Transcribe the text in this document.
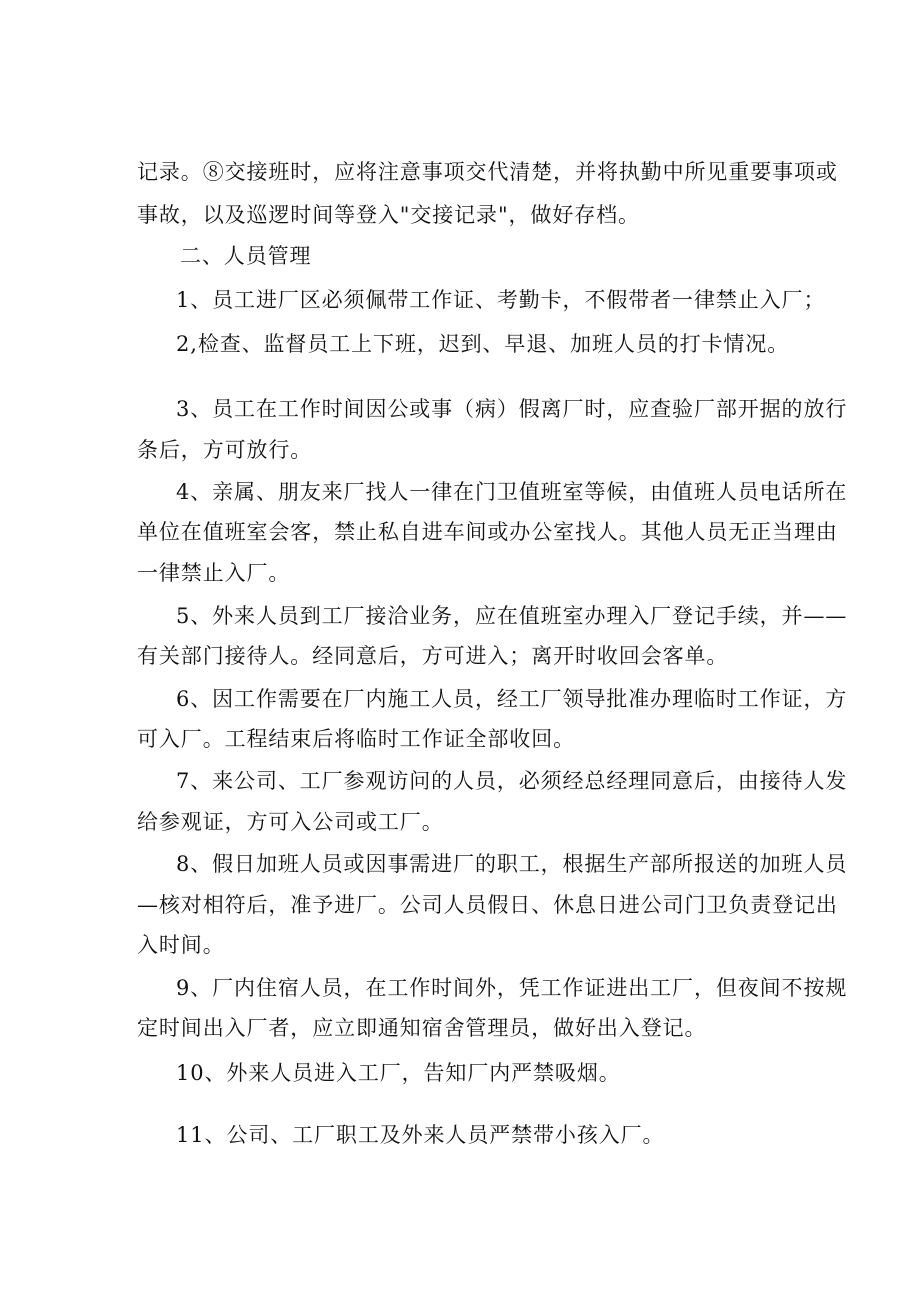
记录。⑧交接班时，应将注意事项交代清楚，并将执勤中所见重要事项或
事故，以及巡逻时间等登入"交接记录"，做好存档。
二、人员管理
1、员工进厂区必须佩带工作证、考勤卡，不假带者一律禁止入厂；
2,检查、监督员工上下班，迟到、早退、加班人员的打卡情况。
3、员工在工作时间因公或事（病）假离厂时，应查验厂部开据的放行
条后，方可放行。
4、亲属、朋友来厂找人一律在门卫值班室等候，由值班人员电话所在
单位在值班室会客，禁止私自进车间或办公室找人。其他人员无正当理由
一律禁止入厂。
5、外来人员到工厂接洽业务，应在值班室办理入厂登记手续，并——
有关部门接待人。经同意后，方可进入；离开时收回会客单。
6、因工作需要在厂内施工人员，经工厂领导批准办理临时工作证，方
可入厂。工程结束后将临时工作证全部收回。
7、来公司、工厂参观访问的人员，必须经总经理同意后，由接待人发
给参观证，方可入公司或工厂。
8、假日加班人员或因事需进厂的职工，根据生产部所报送的加班人员
—核对相符后，准予进厂。公司人员假日、休息日进公司门卫负责登记出
入时间。
9、厂内住宿人员，在工作时间外，凭工作证进出工厂，但夜间不按规
定时间出入厂者，应立即通知宿舍管理员，做好出入登记。
10、外来人员进入工厂，告知厂内严禁吸烟。
11、公司、工厂职工及外来人员严禁带小孩入厂。
